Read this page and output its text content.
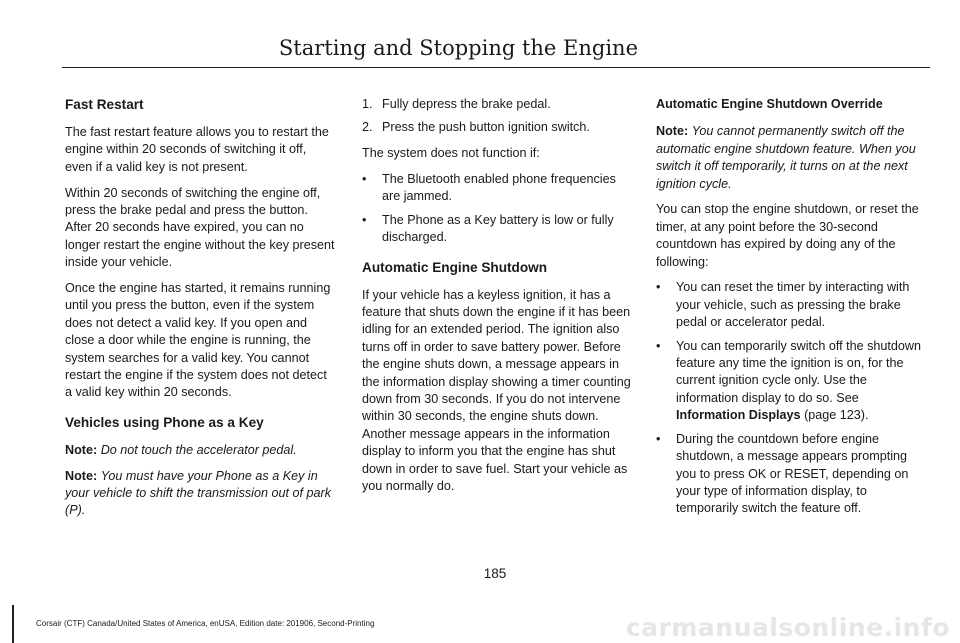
Starting and Stopping the Engine
Fast Restart

The fast restart feature allows you to restart the engine within 20 seconds of switching it off, even if a valid key is not present.

Within 20 seconds of switching the engine off, press the brake pedal and press the button. After 20 seconds have expired, you can no longer restart the engine without the key present inside your vehicle.

Once the engine has started, it remains running until you press the button, even if the system does not detect a valid key. If you open and close a door while the engine is running, the system searches for a valid key. You cannot restart the engine if the system does not detect a valid key within 20 seconds.

Vehicles using Phone as a Key

Note: Do not touch the accelerator pedal.

Note: You must have your Phone as a Key in your vehicle to shift the transmission out of park (P).

1. Fully depress the brake pedal.
2. Press the push button ignition switch.

The system does not function if:

• The Bluetooth enabled phone frequencies are jammed.
• The Phone as a Key battery is low or fully discharged.
Automatic Engine Shutdown

If your vehicle has a keyless ignition, it has a feature that shuts down the engine if it has been idling for an extended period. The ignition also turns off in order to save battery power. Before the engine shuts down, a message appears in the information display showing a timer counting down from 30 seconds. If you do not intervene within 30 seconds, the engine shuts down. Another message appears in the information display to inform you that the engine has shut down in order to save fuel. Start your vehicle as you normally do.

Automatic Engine Shutdown Override

Note: You cannot permanently switch off the automatic engine shutdown feature. When you switch it off temporarily, it turns on at the next ignition cycle.

You can stop the engine shutdown, or reset the timer, at any point before the 30-second countdown has expired by doing any of the following:

• You can reset the timer by interacting with your vehicle, such as pressing the brake pedal or accelerator pedal.
• You can temporarily switch off the shutdown feature any time the ignition is on, for the current ignition cycle only. Use the information display to do so. See Information Displays (page 123).
• During the countdown before engine shutdown, a message appears prompting you to press OK or RESET, depending on your type of information display, to temporarily switch the feature off.
185
Corsair (CTF) Canada/United States of America, enUSA, Edition date: 201906, Second-Printing	carmanualsonline.info
